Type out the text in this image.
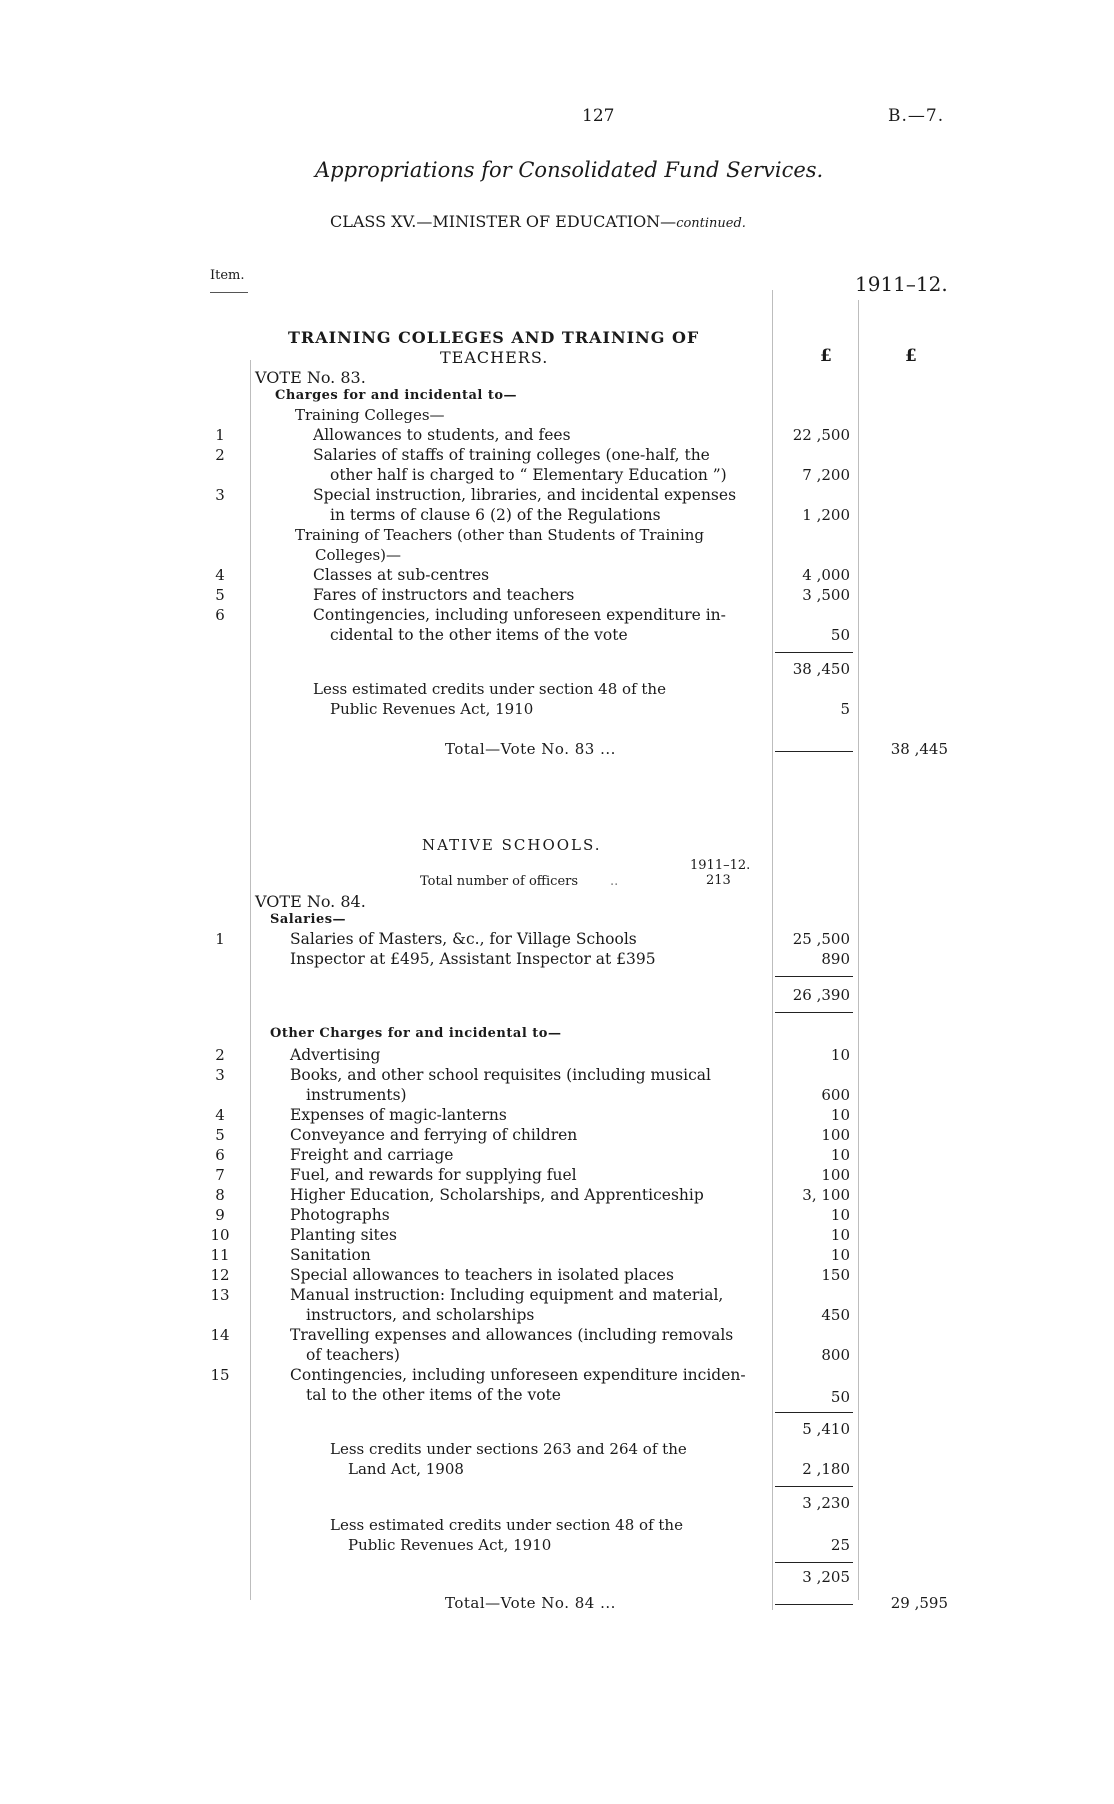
127	B.—7.
Appropriations for Consolidated Fund Services.
CLASS XV.—MINISTER OF EDUCATION—continued.
Item.	1911–12.
TRAINING COLLEGES AND TRAINING OF
TEACHERS.	£	£
VOTE No. 83.
Charges for and incidental to—
Training Colleges—
1	Allowances to students, and fees	22 ,500
2	Salaries of staffs of training colleges (one-half, the
other half is charged to “ Elementary Education ”)	7 ,200
3	Special instruction, libraries, and incidental expenses
in terms of clause 6 (2) of the Regulations	1 ,200
Training of Teachers (other than Students of Training
Colleges)—
4	Classes at sub-centres	4 ,000
5	Fares of instructors and teachers	3 ,500
6	Contingencies, including unforeseen expenditure in-
cidental to the other items of the vote	50
38 ,450
Less estimated credits under section 48 of the
Public Revenues Act, 1910	5
Total—Vote No. 83 ...	38 ,445
NATIVE SCHOOLS.
1911–12.
Total number of officers ..	213
VOTE No. 84.
Salaries—
1	Salaries of Masters, &c., for Village Schools	25 ,500
Inspector at £495, Assistant Inspector at £395	890
26 ,390
Other Charges for and incidental to—
2	Advertising	10
3	Books, and other school requisites (including musical
instruments)	600
4	Expenses of magic-lanterns	10
5	Conveyance and ferrying of children	100
6	Freight and carriage	10
7	Fuel, and rewards for supplying fuel	100
8	Higher Education, Scholarships, and Apprenticeship	3, 100
9	Photographs	10
10	Planting sites	10
11	Sanitation	10
12	Special allowances to teachers in isolated places	150
13	Manual instruction: Including equipment and material,
instructors, and scholarships	450
14	Travelling expenses and allowances (including removals
of teachers)	800
15	Contingencies, including unforeseen expenditure inciden-
tal to the other items of the vote	50
5 ,410
Less credits under sections 263 and 264 of the
Land Act, 1908	2 ,180
3 ,230
Less estimated credits under section 48 of the
Public Revenues Act, 1910	25
3 ,205
Total—Vote No. 84 ...	29 ,595
